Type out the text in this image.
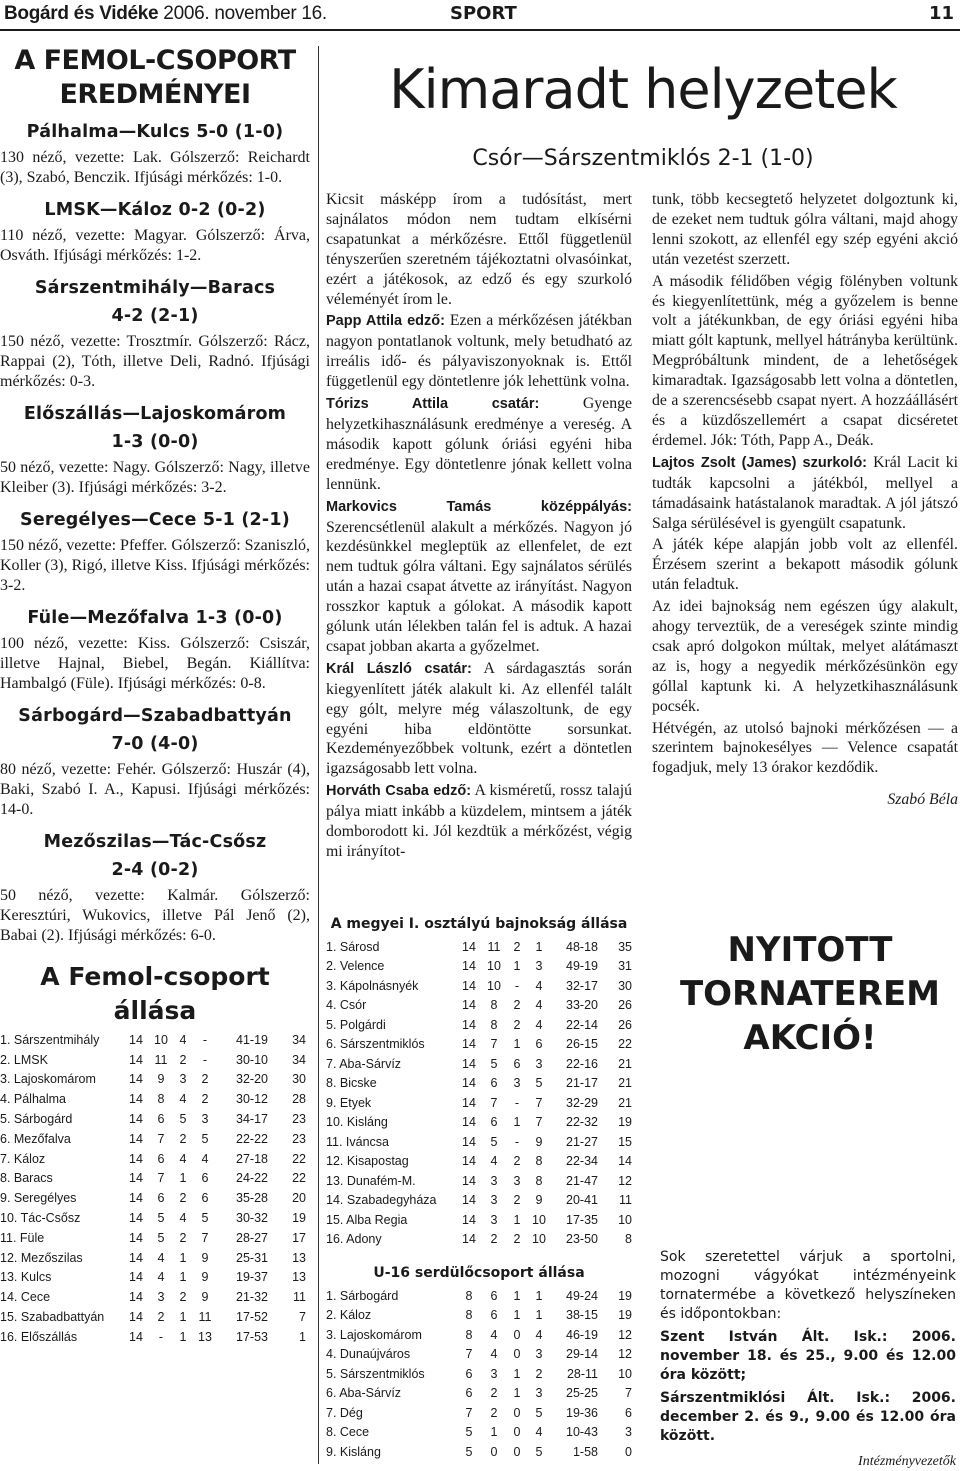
Bogárd és Vidéke 2006. november 16.	SPORT	11
A FEMOL-CSOPORT
EREDMÉNYEI
Pálhalma—Kulcs 5-0 (1-0)
130 néző, vezette: Lak. Gólszerző: Reichardt (3), Szabó, Benczik. Ifjúsági mérkőzés: 1-0.
LMSK—Káloz 0-2 (0-2)
110 néző, vezette: Magyar. Gólszerző: Árva, Osváth. Ifjúsági mérkőzés: 1-2.
Sárszentmihály—Baracs
4-2 (2-1)
150 néző, vezette: Trosztmír. Gólszerző: Rácz, Rappai (2), Tóth, illetve Deli, Radnó. Ifjúsági mérkőzés: 0-3.
Előszállás—Lajoskomárom
1-3 (0-0)
50 néző, vezette: Nagy. Gólszerző: Nagy, illetve Kleiber (3). Ifjúsági mérkőzés: 3-2.
Seregélyes—Cece 5-1 (2-1)
150 néző, vezette: Pfeffer. Gólszerző: Szaniszló, Koller (3), Rigó, illetve Kiss. Ifjúsági mérkőzés: 3-2.
Füle—Mezőfalva 1-3 (0-0)
100 néző, vezette: Kiss. Gólszerző: Csiszár, illetve Hajnal, Biebel, Begán. Kiállítva: Hambalgó (Füle). Ifjúsági mérkőzés: 0-8.
Sárbogárd—Szabadbattyán
7-0 (4-0)
80 néző, vezette: Fehér. Gólszerző: Huszár (4), Baki, Szabó I. A., Kapusi. Ifjúsági mérkőzés: 14-0.
Mezőszilas—Tác-Csősz
2-4 (0-2)
50 néző, vezette: Kalmár. Gólszerző: Keresztúri, Wukovics, illetve Pál Jenő (2), Babai (2). Ifjúsági mérkőzés: 6-0.
A Femol-csoport
állása
1. Sárszentmihály	14	10	4	-	41-19	34
2. LMSK	14	11	2	-	30-10	34
3. Lajoskomárom	14	9	3	2	32-20	30
4. Pálhalma	14	8	4	2	30-12	28
5. Sárbogárd	14	6	5	3	34-17	23
6. Mezőfalva	14	7	2	5	22-22	23
7. Káloz	14	6	4	4	27-18	22
8. Baracs	14	7	1	6	24-22	22
9. Seregélyes	14	6	2	6	35-28	20
10. Tác-Csősz	14	5	4	5	30-32	19
11. Füle	14	5	2	7	28-27	17
12. Mezőszilas	14	4	1	9	25-31	13
13. Kulcs	14	4	1	9	19-37	13
14. Cece	14	3	2	9	21-32	11
15. Szabadbattyán	14	2	1	11	17-52	7
16. Előszállás	14	-	1	13	17-53	1
Kimaradt helyzetek
Csór—Sárszentmiklós 2-1 (1-0)

Kicsit másképp írom a tudósítást, mert sajnálatos módon nem tudtam elkísérni csapatunkat a mérkőzésre. Ettől függetlenül tényszerűen szeretném tájékoztatni olvasóinkat, ezért a játékosok, az edző és egy szurkoló véleményét írom le.

Papp Attila edző: Ezen a mérkőzésen játékban nagyon pontatlanok voltunk, mely betudható az irreális idő- és pályaviszonyoknak is. Ettől függetlenül egy döntetlenre jók lehettünk volna.

Tórizs Attila csatár: Gyenge helyzetkihasználásunk eredménye a vereség. A második kapott gólunk óriási egyéni hiba eredménye. Egy döntetlenre jónak kellett volna lennünk.

Markovics Tamás középpályás: Szerencsétlenül alakult a mérkőzés. Nagyon jó kezdésünkkel megleptük az ellenfelet, de ezt nem tudtuk gólra váltani. Egy sajnálatos sérülés után a hazai csapat átvette az irányítást. Nagyon rosszkor kaptuk a gólokat. A második kapott gólunk után lélekben talán fel is adtuk. A hazai csapat jobban akarta a győzelmet.

Král László csatár: A sárdagasztás során kiegyenlített játék alakult ki. Az ellenfél talált egy gólt, melyre még válaszoltunk, de egy egyéni hiba eldöntötte sorsunkat. Kezdeményezőbbek voltunk, ezért a döntetlen igazságosabb lett volna.

Horváth Csaba edző: A kisméretű, rossz talajú pálya miatt inkább a küzdelem, mintsem a játék domborodott ki. Jól kezdtük a mérkőzést, végig mi irányítot-

tunk, több kecsegtető helyzetet dolgoztunk ki, de ezeket nem tudtuk gólra váltani, majd ahogy lenni szokott, az ellenfél egy szép egyéni akció után vezetést szerzett.

A második félidőben végig fölényben voltunk és kiegyenlítettünk, még a győzelem is benne volt a játékunkban, de egy óriási egyéni hiba miatt gólt kaptunk, mellyel hátrányba kerültünk. Megpróbáltunk mindent, de a lehetőségek kimaradtak. Igazságosabb lett volna a döntetlen, de a szerencsésebb csapat nyert. A hozzáállásért és a küzdőszellemért a csapat dicséretet érdemel. Jók: Tóth, Papp A., Deák.

Lajtos Zsolt (James) szurkoló: Král Lacit ki tudták kapcsolni a játékból, mellyel a támadásaink hatástalanok maradtak. A jól játszó Salga sérülésével is gyengült csapatunk.

A játék képe alapján jobb volt az ellenfél. Érzésem szerint a bekapott második gólunk után feladtuk.

Az idei bajnokság nem egészen úgy alakult, ahogy terveztük, de a vereségek szinte mindig csak apró dolgokon múltak, melyet alátámaszt az is, hogy a negyedik mérkőzésünkön egy góllal kaptunk ki. A helyzetkihasználásunk pocsék.

Hétvégén, az utolsó bajnoki mérkőzésen — a szerintem bajnokesélyes — Velence csapatát fogadjuk, mely 13 órakor kezdődik.

Szabó Béla
A megyei I. osztályú bajnokság állása
1. Sárosd	14	11	2	1	48-18	35
2. Velence	14	10	1	3	49-19	31
3. Kápolnásnyék	14	10	-	4	32-17	30
4. Csór	14	8	2	4	33-20	26
5. Polgárdi	14	8	2	4	22-14	26
6. Sárszentmiklós	14	7	1	6	26-15	22
7. Aba-Sárvíz	14	5	6	3	22-16	21
8. Bicske	14	6	3	5	21-17	21
9. Etyek	14	7	-	7	32-29	21
10. Kisláng	14	6	1	7	22-32	19
11. Iváncsa	14	5	-	9	21-27	15
12. Kisapostag	14	4	2	8	22-34	14
13. Dunafém-M.	14	3	3	8	21-47	12
14. Szabadegyháza	14	3	2	9	20-41	11
15. Alba Regia	14	3	1	10	17-35	10
16. Adony	14	2	2	10	23-50	8
U-16 serdülőcsoport állása
1. Sárbogárd	8	6	1	1	49-24	19
2. Káloz	8	6	1	1	38-15	19
3. Lajoskomárom	8	4	0	4	46-19	12
4. Dunaújváros	7	4	0	3	29-14	12
5. Sárszentmiklós	6	3	1	2	28-11	10
6. Aba-Sárvíz	6	2	1	3	25-25	7
7. Dég	7	2	0	5	19-36	6
8. Cece	5	1	0	4	10-43	3
9. Kisláng	5	0	0	5	1-58	0
NYITOTT
TORNATEREM
AKCIÓ!
Sok szeretettel várjuk a sportolni, mozogni vágyókat intézményeink tornatermébe a következő helyszíneken és időpontokban:
Szent István Ált. Isk.: 2006. november 18. és 25., 9.00 és 12.00 óra között;
Sárszentmiklósi Ált. Isk.: 2006. december 2. és 9., 9.00 és 12.00 óra között.
Intézményvezetők
